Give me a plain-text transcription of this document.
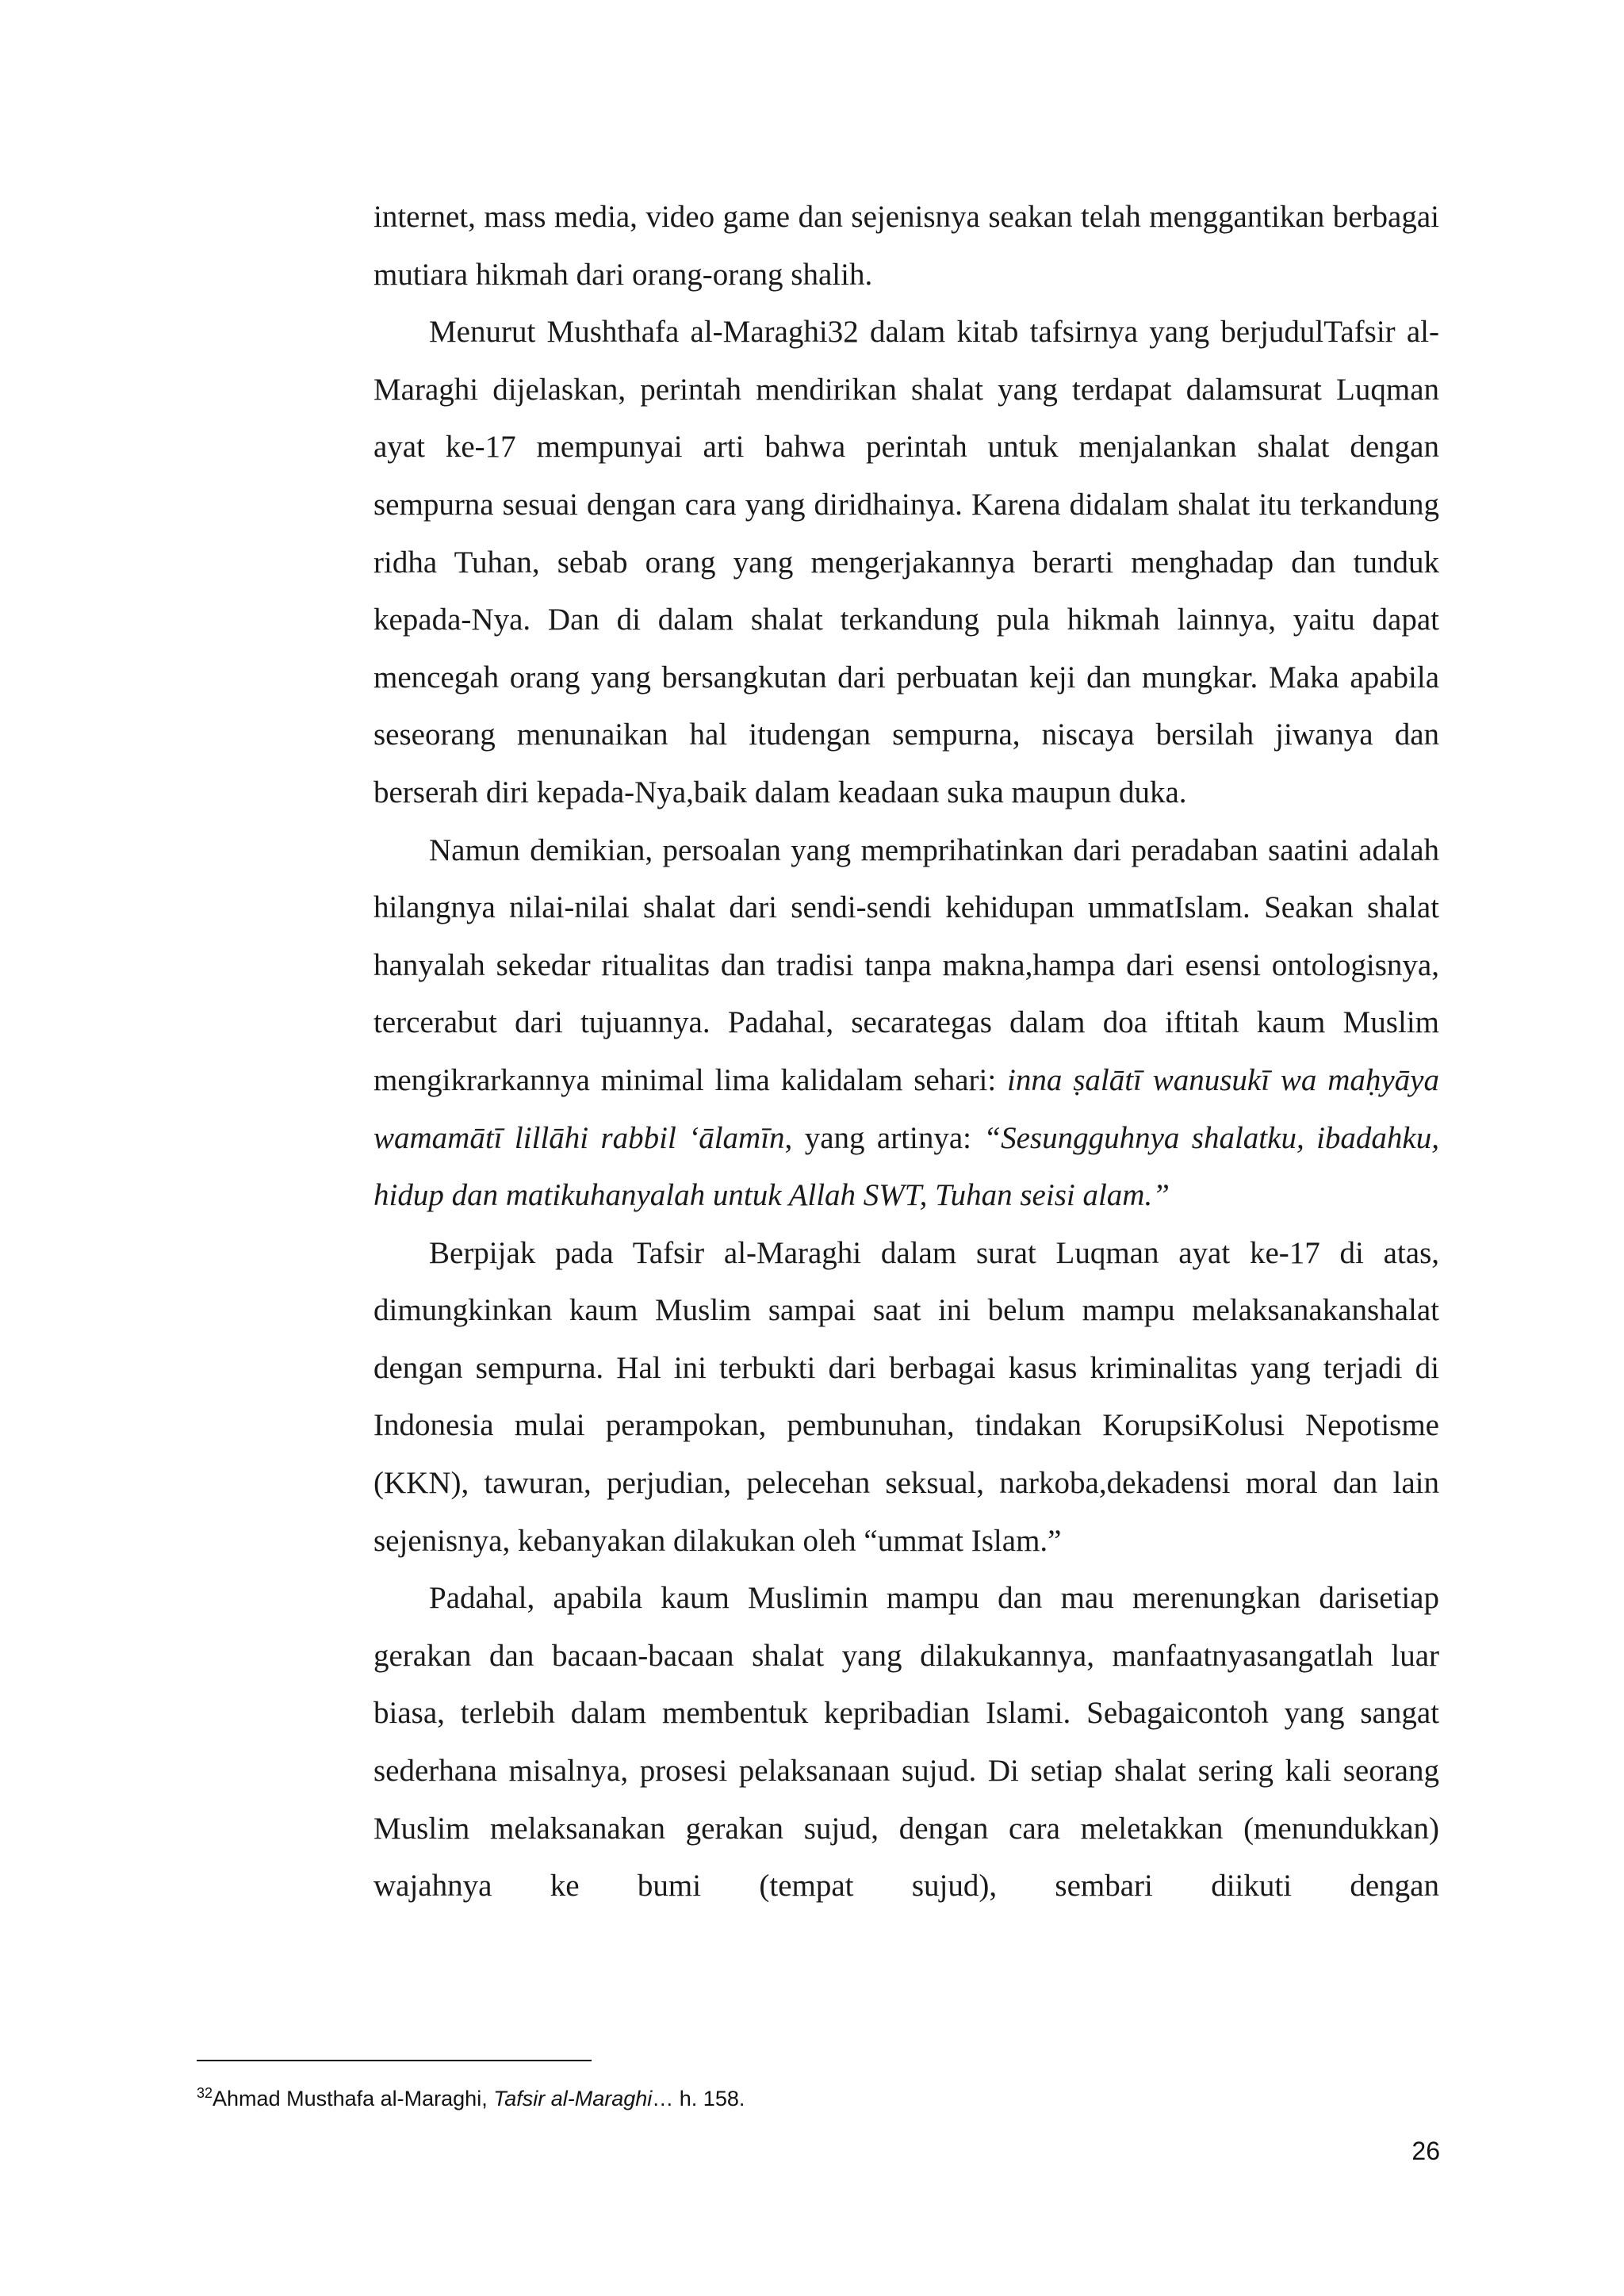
internet, mass media, video game dan sejenisnya seakan telah menggantikan berbagai mutiara hikmah dari orang-orang shalih.

Menurut Mushthafa al-Maraghi32 dalam kitab tafsirnya yang berjudulTafsir al-Maraghi dijelaskan, perintah mendirikan shalat yang terdapat dalamsurat Luqman ayat ke-17 mempunyai arti bahwa perintah untuk menjalankan shalat dengan sempurna sesuai dengan cara yang diridhainya. Karena didalam shalat itu terkandung ridha Tuhan, sebab orang yang mengerjakannya berarti menghadap dan tunduk kepada-Nya. Dan di dalam shalat terkandung pula hikmah lainnya, yaitu dapat mencegah orang yang bersangkutan dari perbuatan keji dan mungkar. Maka apabila seseorang menunaikan hal itudengan sempurna, niscaya bersilah jiwanya dan berserah diri kepada-Nya,baik dalam keadaan suka maupun duka.

Namun demikian, persoalan yang memprihatinkan dari peradaban saatini adalah hilangnya nilai-nilai shalat dari sendi-sendi kehidupan ummatIslam. Seakan shalat hanyalah sekedar ritualitas dan tradisi tanpa makna,hampa dari esensi ontologisnya, tercerabut dari tujuannya. Padahal, secarategas dalam doa iftitah kaum Muslim mengikrarkannya minimal lima kalidalam sehari: inna ṣalātī wanusukī wa maḥyāya wamamātī lillāhi rabbil ‘ālamīn, yang artinya: “Sesungguhnya shalatku, ibadahku, hidup dan matikuhanyalah untuk Allah SWT, Tuhan seisi alam.”

Berpijak pada Tafsir al-Maraghi dalam surat Luqman ayat ke-17 di atas, dimungkinkan kaum Muslim sampai saat ini belum mampu melaksanakanshalat dengan sempurna. Hal ini terbukti dari berbagai kasus kriminalitas yang terjadi di Indonesia mulai perampokan, pembunuhan, tindakan KorupsiKolusi Nepotisme (KKN), tawuran, perjudian, pelecehan seksual, narkoba,dekadensi moral dan lain sejenisnya, kebanyakan dilakukan oleh “ummat Islam.”

Padahal, apabila kaum Muslimin mampu dan mau merenungkan darisetiap gerakan dan bacaan-bacaan shalat yang dilakukannya, manfaatnyasangatlah luar biasa, terlebih dalam membentuk kepribadian Islami. Sebagaicontoh yang sangat sederhana misalnya, prosesi pelaksanaan sujud. Di setiap shalat sering kali seorang Muslim melaksanakan gerakan sujud, dengan cara meletakkan (menundukkan) wajahnya ke bumi (tempat sujud), sembari diikuti dengan

$^{32}$Ahmad Musthafa al-Maraghi, Tafsir al-Maraghi… h. 158.
26
